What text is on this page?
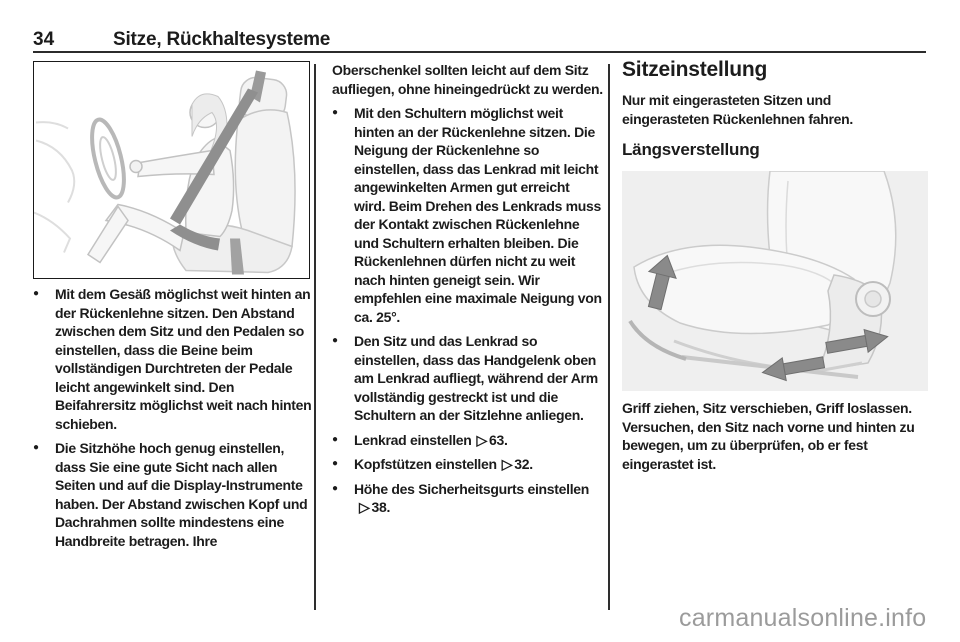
34	Sitze, Rückhaltesysteme
●	Mit dem Gesäß möglichst weit hinten an der Rückenlehne sitzen. Den Abstand zwischen dem Sitz und den Pedalen so einstellen, dass die Beine beim vollständigen Durchtreten der Pedale leicht angewinkelt sind. Den Beifahrersitz möglichst weit nach hinten schieben.
●	Die Sitzhöhe hoch genug einstellen, dass Sie eine gute Sicht nach allen Seiten und auf die Display-Instrumente haben. Der Abstand zwischen Kopf und Dachrahmen sollte mindestens eine Handbreite betragen. Ihre
Oberschenkel sollten leicht auf dem Sitz aufliegen, ohne hineingedrückt zu werden.
●	Mit den Schultern möglichst weit hinten an der Rückenlehne sitzen. Die Neigung der Rückenlehne so einstellen, dass das Lenkrad mit leicht angewinkelten Armen gut erreicht wird. Beim Drehen des Lenkrads muss der Kontakt zwischen Rückenlehne und Schultern erhalten bleiben. Die Rückenlehnen dürfen nicht zu weit nach hinten geneigt sein. Wir empfehlen eine maximale Neigung von ca. 25°.
●	Den Sitz und das Lenkrad so einstellen, dass das Handgelenk oben am Lenkrad aufliegt, während der Arm vollständig gestreckt ist und die Schultern an der Sitzlehne anliegen.
●	Lenkrad einstellen ▷ 63.
●	Kopfstützen einstellen ▷ 32.
●	Höhe des Sicherheitsgurts einstellen▷ 38.
Sitzeinstellung
Nur mit eingerasteten Sitzen und eingerasteten Rückenlehnen fahren.
Längsverstellung
Griff ziehen, Sitz verschieben, Griff loslassen. Versuchen, den Sitz nach vorne und hinten zu bewegen, um zu überprüfen, ob er fest eingerastet ist.
carmanualsonline.info
